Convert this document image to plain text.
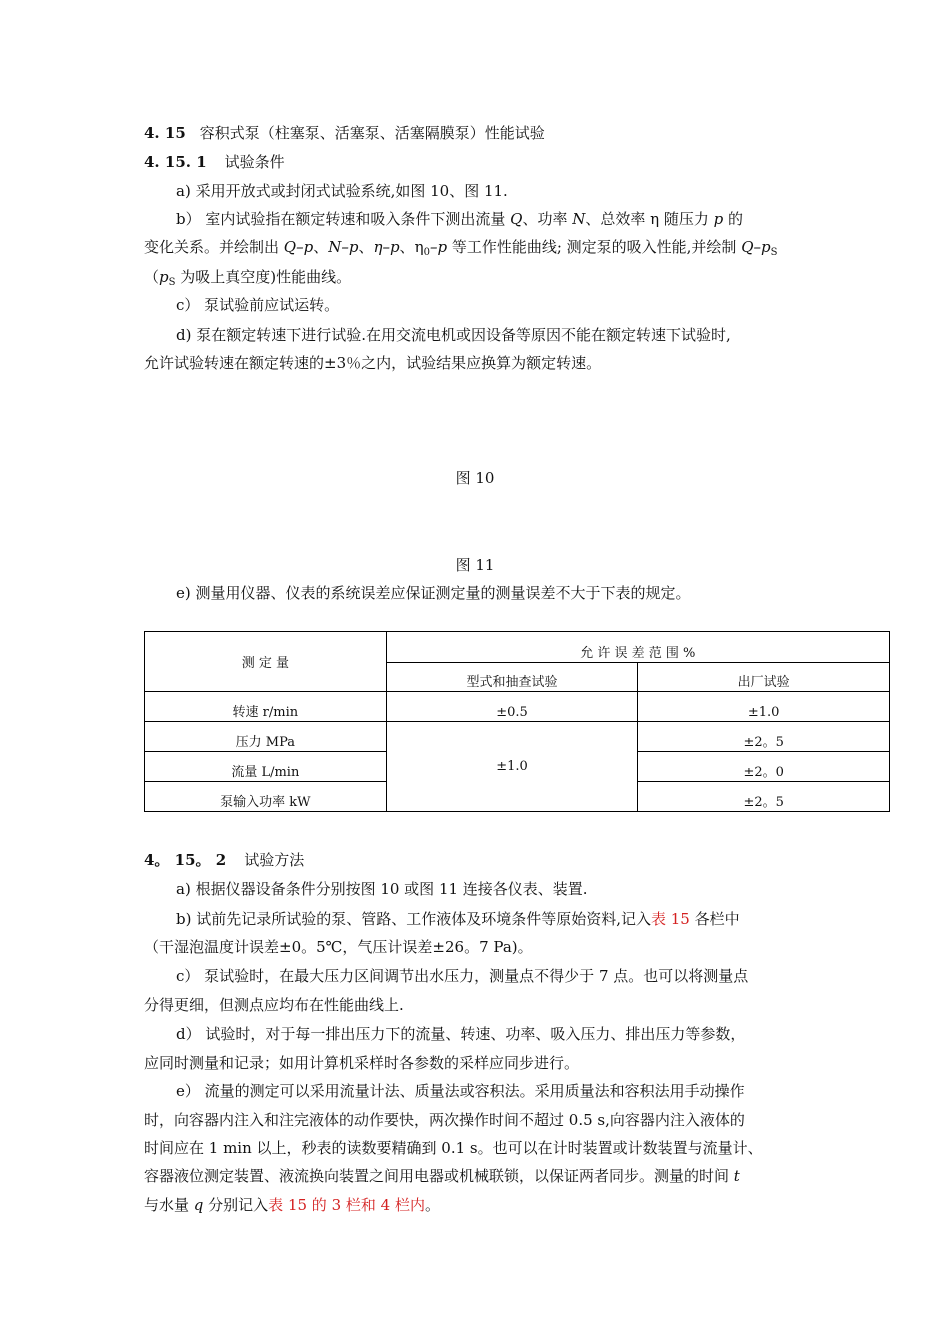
4. 15 容积式泵（柱塞泵、活塞泵、活塞隔膜泵）性能试验
4. 15. 1 试验条件
a) 采用开放式或封闭式试验系统,如图 10、图 11.
b） 室内试验指在额定转速和吸入条件下测出流量 Q、功率 N、总效率 η 随压力 p 的
变化关系。并绘制出 Q–p、N–p、η–p、$\eta_0-p$ 等工作性能曲线; 测定泵的吸入性能,并绘制 $Q-p_S$
（$p_S$ 为吸上真空度)性能曲线。
c） 泵试验前应试运转。
d) 泵在额定转速下进行试验.在用交流电机或因设备等原因不能在额定转速下试验时,
允许试验转速在额定转速的±3％之内，试验结果应换算为额定转速。
图 10
图 11
e) 测量用仪器、仪表的系统误差应保证测定量的测量误差不大于下表的规定。
测 定 量	允 许 误 差 范 围 %	
	型式和抽查试验	出厂试验
转速 r/min	±0.5	±1.0
压力 MPa	±1.0	±2。5
流量 L/min		±2。0
泵输入功率 kW		±2。5
4。 15。 2 试验方法
a) 根据仪器设备条件分别按图 10 或图 11 连接各仪表、装置.
b) 试前先记录所试验的泵、管路、工作液体及环境条件等原始资料,记入表 15 各栏中
（干湿泡温度计误差±0。5℃，气压计误差±26。7 Pa)。
c） 泵试验时，在最大压力区间调节出水压力，测量点不得少于 7 点。也可以将测量点
分得更细，但测点应均布在性能曲线上.
d） 试验时，对于每一排出压力下的流量、转速、功率、吸入压力、排出压力等参数，
应同时测量和记录；如用计算机采样时各参数的采样应同步进行。
e） 流量的测定可以采用流量计法、质量法或容积法。采用质量法和容积法用手动操作
时，向容器内注入和注完液体的动作要快，两次操作时间不超过 0.5 s,向容器内注入液体的
时间应在 1 min 以上，秒表的读数要精确到 0.1 s。也可以在计时装置或计数装置与流量计、
容器液位测定装置、液流换向装置之间用电器或机械联锁，以保证两者同步。测量的时间 t
与水量 q 分别记入表 15 的 3 栏和 4 栏内。
